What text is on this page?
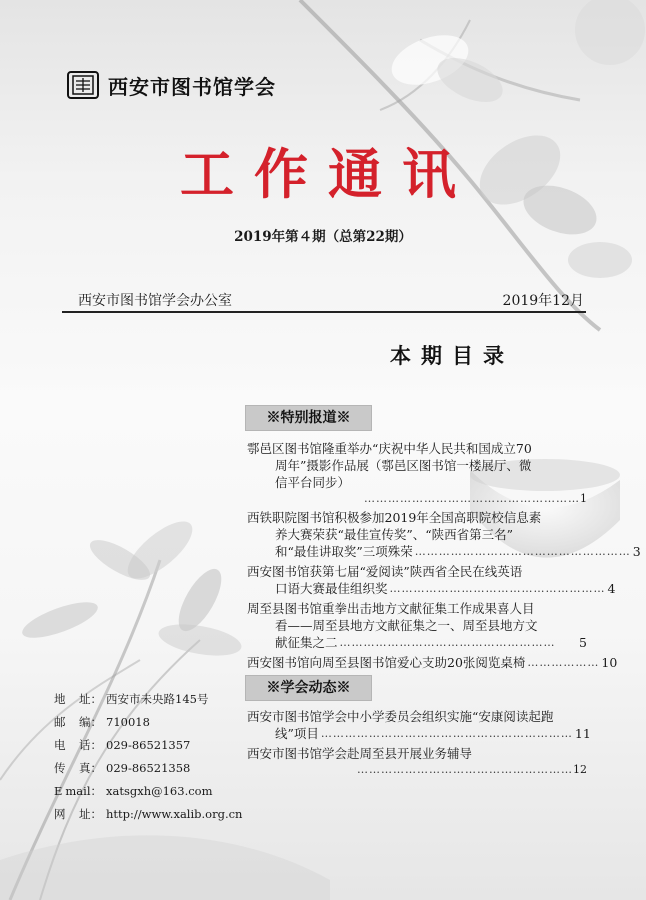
西安市图书馆学会
工作通讯
2019年第４期（总第22期）
西安市图书馆学会办公室	2019年12月
本期目录
※特别报道※
鄠邑区图书馆隆重举办“庆祝中华人民共和国成立70
周年”摄影作品展（鄠邑区图书馆一楼展厅、微
信平台同步）
………………………………………………1
西铁职院图书馆积极参加2019年全国高职院校信息素
养大赛荣获“最佳宣传奖”、“陕西省第三名”
和“最佳讲取奖”三项殊荣 ……………………………………………… 3
西安图书馆获第七届“爱阅读”陕西省全民在线英语
口语大赛最佳组织奖 ……………………………………………… 4
周至县图书馆重拳出击地方文献征集工作成果喜人目
看——周至县地方文献征集之一、周至县地方文
献征集之二 ………………………………………………	5
西安图书馆向周至县图书馆爱心支助20张阅览桌椅 ……………… 10
※学会动态※
西安市图书馆学会中小学委员会组织实施“安康阅读起跑
线”项目 ……………………………………………………… 11
西安市图书馆学会赴周至县开展业务辅导
………………………………………………12
地 址： 西安市未央路145号
邮 编： 710018
电 话： 029-86521357
传 真： 029-86521358
E mail： xatsgxh@163.com
网 址： http://www.xalib.org.cn
